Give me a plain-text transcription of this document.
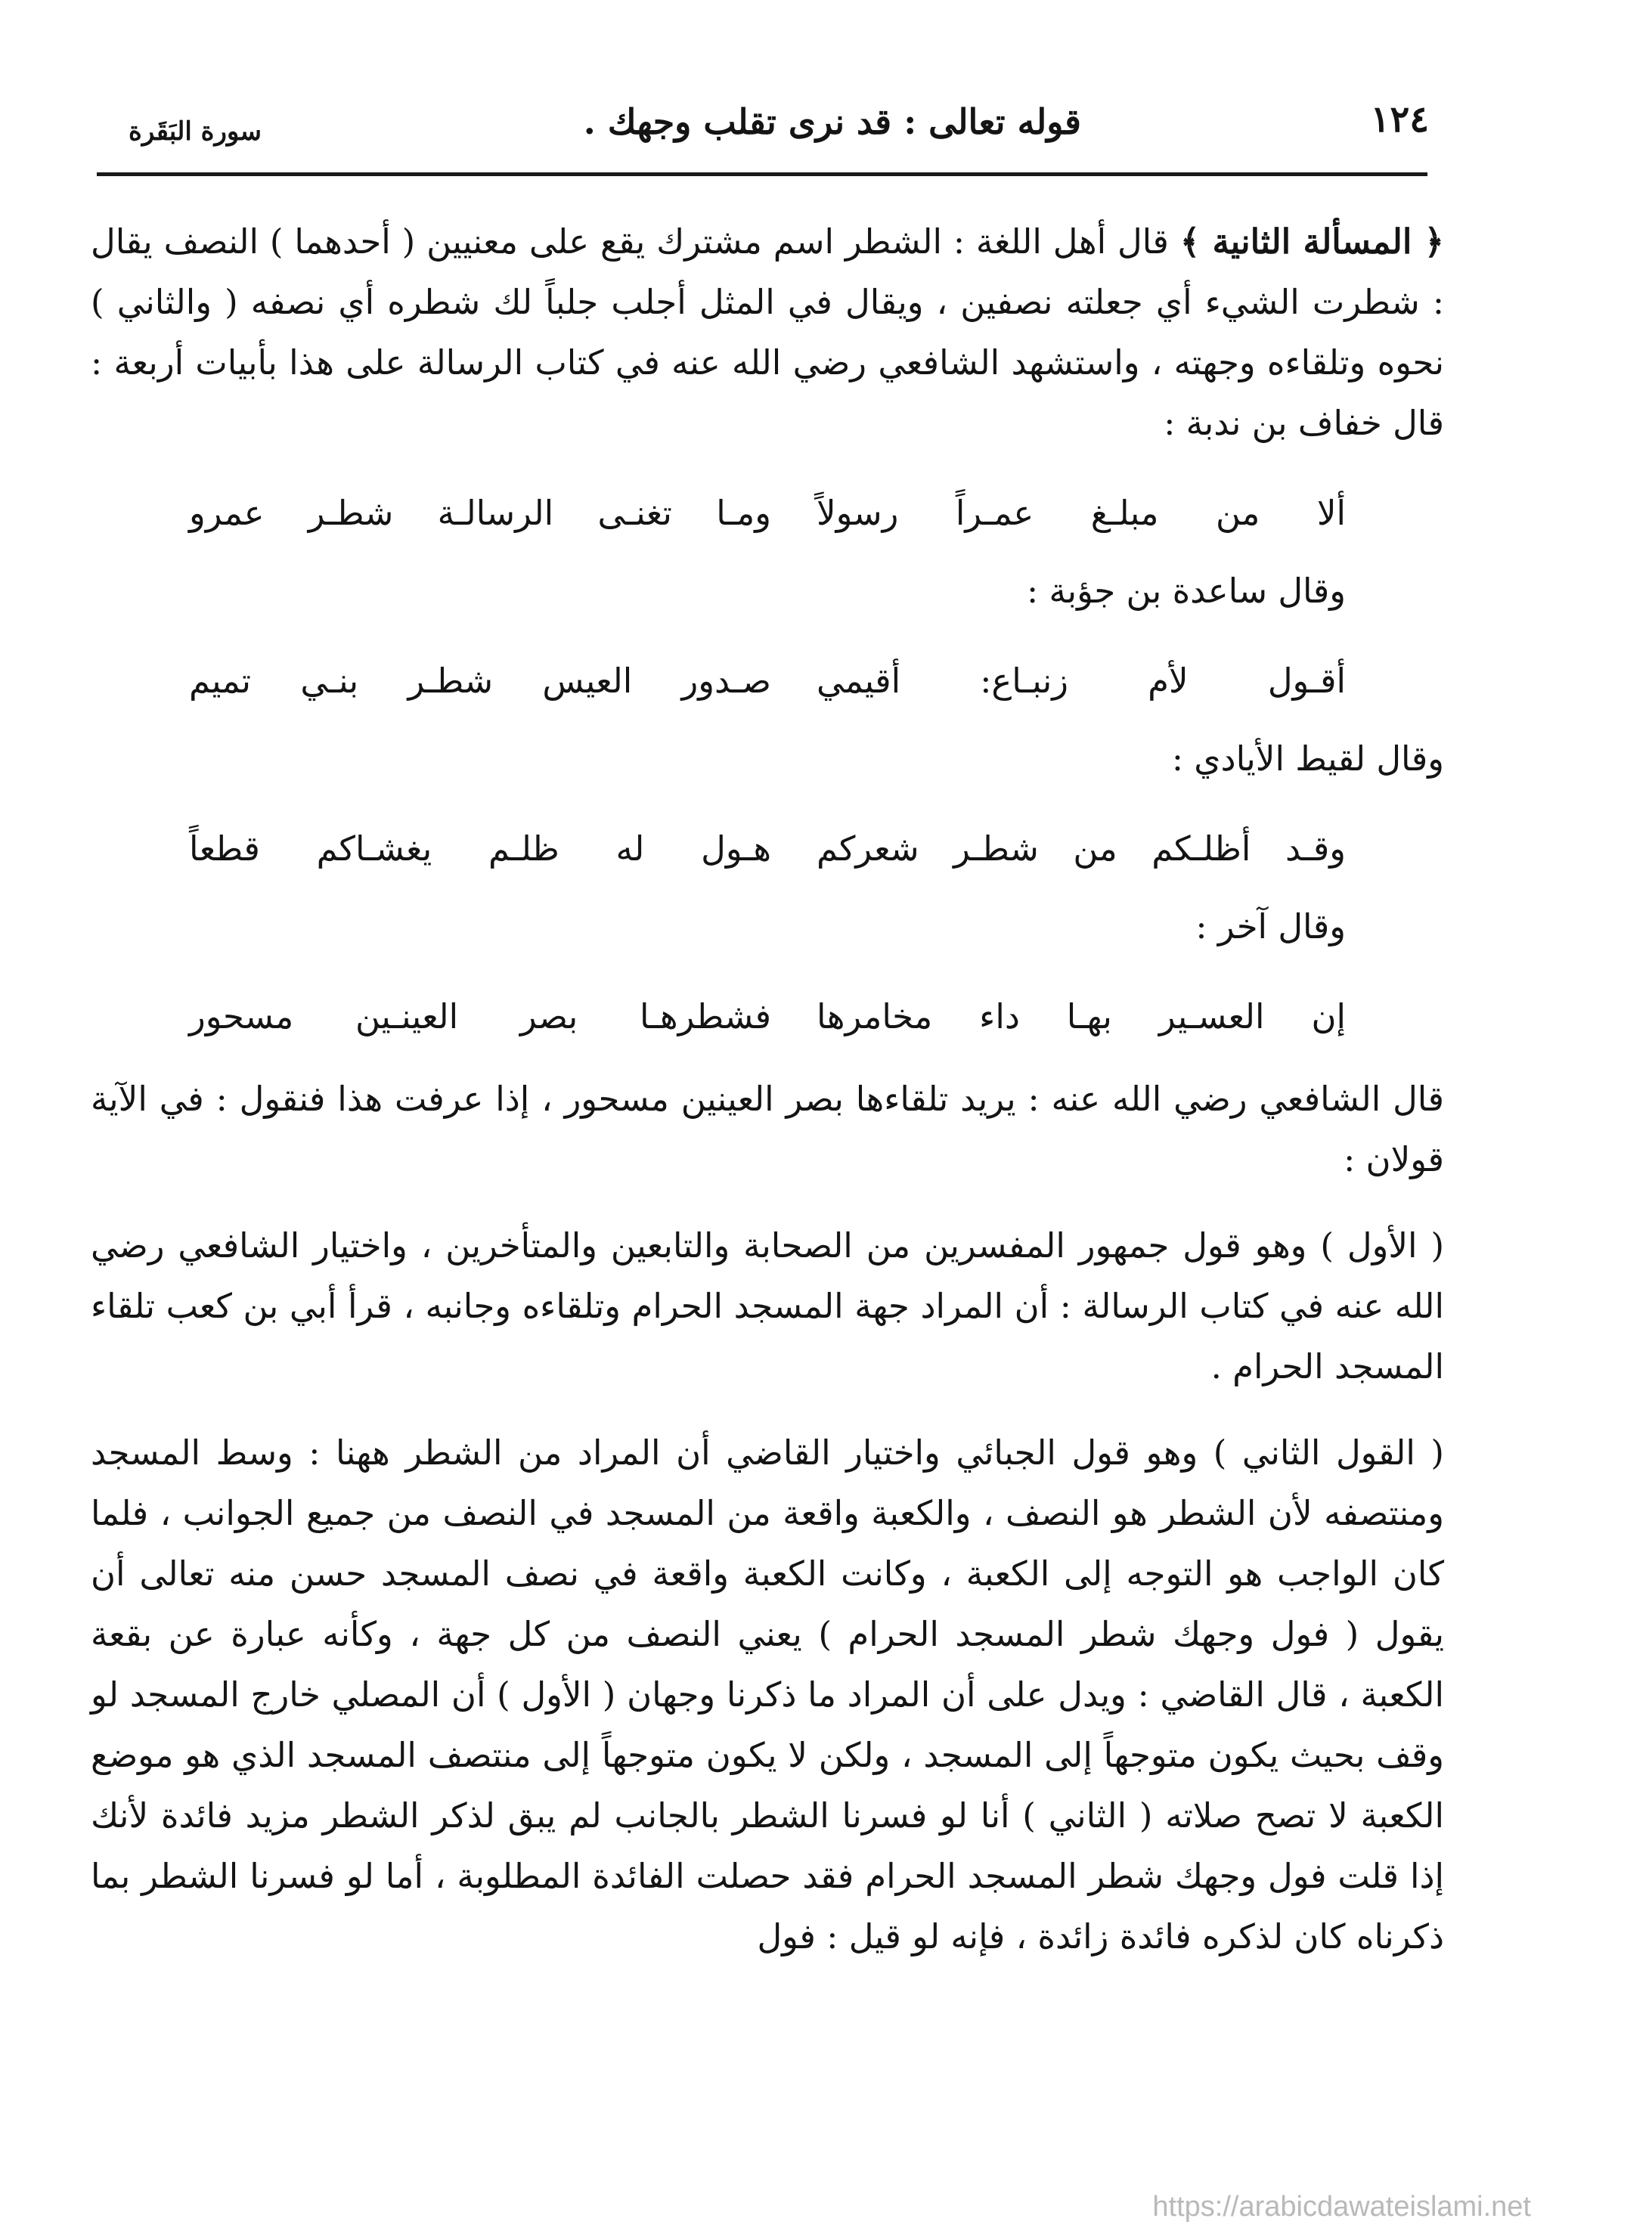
١٢٤
قوله تعالى : قد نرى تقلب وجهك .
سورة البَقَرة

﴿ المسألة الثانية ﴾ قال أهل اللغة : الشطر اسم مشترك يقع على معنيين ( أحدهما ) النصف يقال : شطرت الشيء أي جعلته نصفين ، ويقال في المثل أجلب جلباً لك شطره أي نصفه ( والثاني ) نحوه وتلقاءه وجهته ، واستشهد الشافعي رضي الله عنه في كتاب الرسالة على هذا بأبيات أربعة : قال خفاف بن ندبة :

ألا من مبلـغ عمـراً رسولاً
ومـا تغنـى الرسالـة شطـر عمرو

وقال ساعدة بن جؤبة :

أقـول لأم زنبـاع: أقيمي
صـدور العيس شطـر بنـي تميم

وقال لقيط الأيادي :

وقـد أظلـكم من شطـر شعركم
هـول له ظلـم يغشـاكم قطعاً

وقال آخر :

إن العسـير بهـا داء مخامرها
فشطرهـا بصر العينـين مسحور

قال الشافعي رضي الله عنه : يريد تلقاءها بصر العينين مسحور ، إذا عرفت هذا فنقول : في الآية قولان :

( الأول ) وهو قول جمهور المفسرين من الصحابة والتابعين والمتأخرين ، واختيار الشافعي رضي الله عنه في كتاب الرسالة : أن المراد جهة المسجد الحرام وتلقاءه وجانبه ، قرأ أبي بن كعب تلقاء المسجد الحرام .

( القول الثاني ) وهو قول الجبائي واختيار القاضي أن المراد من الشطر ههنا : وسط المسجد ومنتصفه لأن الشطر هو النصف ، والكعبة واقعة من المسجد في النصف من جميع الجوانب ، فلما كان الواجب هو التوجه إلى الكعبة ، وكانت الكعبة واقعة في نصف المسجد حسن منه تعالى أن يقول ( فول وجهك شطر المسجد الحرام ) يعني النصف من كل جهة ، وكأنه عبارة عن بقعة الكعبة ، قال القاضي : ويدل على أن المراد ما ذكرنا وجهان ( الأول ) أن المصلي خارج المسجد لو وقف بحيث يكون متوجهاً إلى المسجد ، ولكن لا يكون متوجهاً إلى منتصف المسجد الذي هو موضع الكعبة لا تصح صلاته ( الثاني ) أنا لو فسرنا الشطر بالجانب لم يبق لذكر الشطر مزيد فائدة لأنك إذا قلت فول وجهك شطر المسجد الحرام فقد حصلت الفائدة المطلوبة ، أما لو فسرنا الشطر بما ذكرناه كان لذكره فائدة زائدة ، فإنه لو قيل : فول

https://arabicdawateislami.net
